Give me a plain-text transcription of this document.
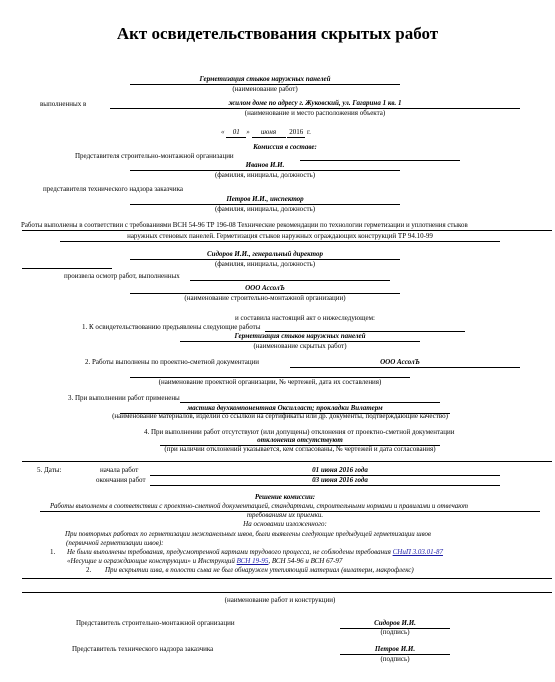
Акт освидетельствования скрытых работ
Герметизация стыков наружных панелей
(наименование работ)
выполненных в	жилом доме по адресу г. Жуковский, ул. Гагарина 1 кв. 1
(наименование и место расположения объекта)
« 01 » июня 2016 г.
Комиссия в составе:
Представителя строительно-монтажной организации
Иванов И.И.
(фамилия, инициалы, должность)
представителя технического надзора заказчика
Петров И.И., инспектор
(фамилия, инициалы, должность)
Работы выполнены в соответствии с требованиями ВСН 54-96 ТР 196-08 Технические рекомендации по технологии герметизации и уплотнения стыков
наружных стеновых панелей. Герметизация стыков наружных ограждающих конструкций ТР 94.10-99
Сидоров И.И., генеральный директор
(фамилия, инициалы, должность)
произвела осмотр работ, выполненных
ООО АссолЪ
(наименование строительно-монтажной организации)
и составила настоящий акт о нижеследующем:
1. К освидетельствованию предъявлены следующие работы
Герметизация стыков наружных панелей
(наименование скрытых работ)
2. Работы выполнены по проектно-сметной документации	ООО АссолЪ
(наименование проектной организации, № чертежей, дата их составления)
3. При выполнении работ применены
мастика двухкомпонентная Оксилласт; прокладки Вилатерм
(наименование материалов, изделий со ссылкой на сертификаты или др. документы, подтверждающие качество)
4. При выполнении работ отсутствуют (или допущены) отклонения от проектно-сметной документации
отклонения отсутствуют
(при наличии отклонений указывается, кем согласованы, № чертежей и дата согласования)
5. Даты:	начала работ	01 июня 2016 года
окончания работ	03 июня 2016 года
Решение комиссии:
Работы выполнены в соответствии с проектно-сметной документацией, стандартами, строительными нормами и правилами и отвечают
требованиям их приемки.
На основании изложенного:
При повторных работах по герметизации межпанельных швов, были выявлены следующие предыдущей герметизации швов
(первичной герметизации швов):
1. Не были выполнены требования, предусмотренной картами трудового процесса, не соблюдены требования СНиП 3.03.01-87
«Несущие и ограждающие конструкции» и Инструкций ВСН 19-95, ВСН 54-96 и ВСН 67-97
2. При вскрытии шва, в полости сыва не был обнаружен утепляющий материал (вилатерм, макрофлекс)
(наименование работ и конструкции)
Представитель строительно-монтажной организации	Сидоров И.И.
(подпись)
Представитель технического надзора заказчика	Петров И.И.
(подпись)
